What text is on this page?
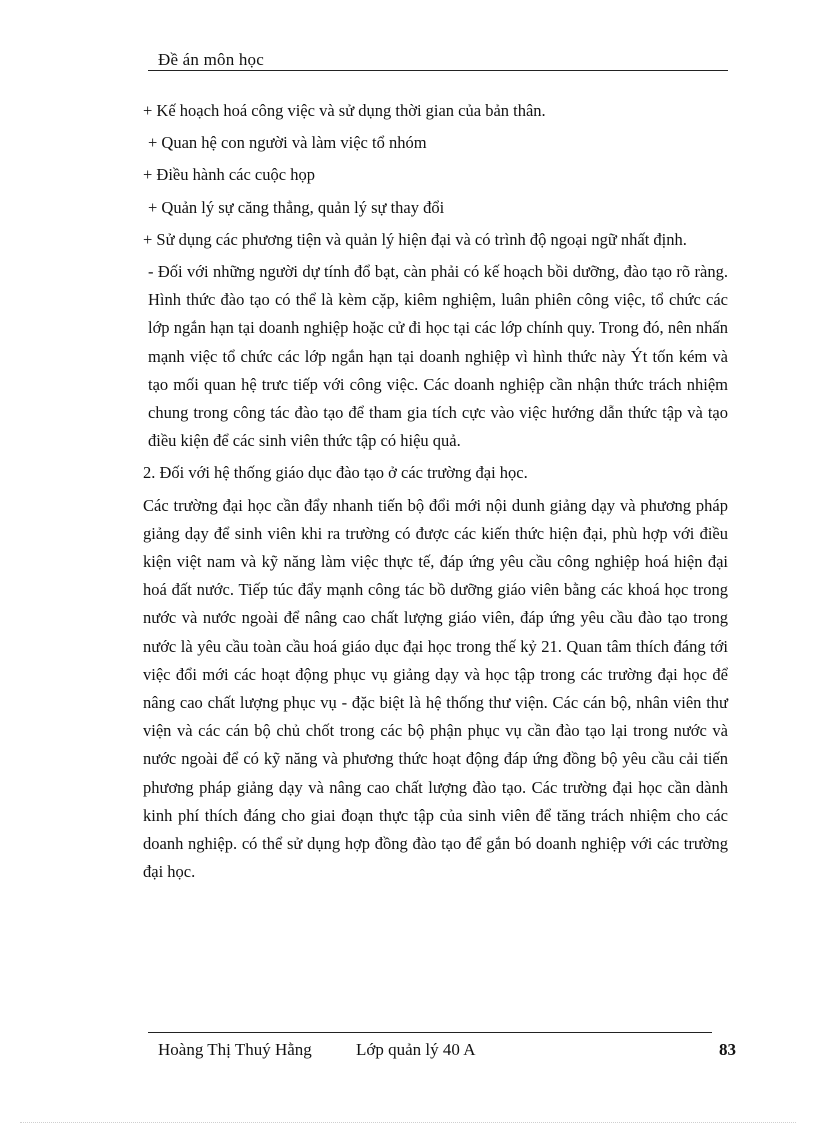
Đề án môn học

+ Kế hoạch hoá công việc và sử dụng thời gian của bản thân.

+ Quan hệ con người và làm việc tổ nhóm

+ Điều hành các cuộc họp

+ Quản lý sự căng thẳng, quản lý sự thay đổi

+ Sử dụng các phương tiện và quản lý hiện đại và có trình độ ngoại ngữ nhất định.

- Đối với những người dự tính đổ bạt, càn phải có kế hoạch bồi dưỡng, đào tạo rõ ràng. Hình thức đào tạo có thể là kèm cặp, kiêm nghiệm, luân phiên công việc, tổ chức các lớp ngắn hạn tại doanh nghiệp hoặc cử đi học tại các lớp chính quy. Trong đó, nên nhấn mạnh việc tổ chức các lớp ngắn hạn tại doanh nghiệp vì hình thức này Ýt tốn kém và tạo mối quan hệ trưc tiếp với công việc. Các doanh nghiệp cần nhận thức trách nhiệm chung trong công tác đào tạo để tham gia tích cực vào việc hướng dẫn thức tập và tạo điều kiện để các sinh viên thức tập có hiệu quả.

2. Đối với hệ thống giáo dục đào tạo ở các trường đại học.

Các trường đại học cần đẩy nhanh tiến bộ đổi mới nội dunh giảng dạy và phương pháp giảng dạy để sinh viên khi ra trường có được các kiến thức hiện đại, phù hợp với điều kiện việt nam và kỹ năng làm việc thực tế, đáp ứng yêu cầu công nghiệp hoá hiện đại hoá đất nước. Tiếp túc đẩy mạnh công tác bồ dưỡng giáo viên bằng các khoá học trong nước và nước ngoài để nâng cao chất lượng giáo viên, đáp ứng yêu cầu đào tạo trong nước là yêu cầu toàn cầu hoá giáo dục đại học trong thế kỷ 21. Quan tâm thích đáng tới việc đổi mới các hoạt động phục vụ giảng dạy và học tập trong các trường đại học để nâng cao chất lượng phục vụ - đặc biệt là hệ thống thư viện. Các cán bộ, nhân viên thư viện và các cán bộ chủ chốt trong các bộ phận phục vụ cần đào tạo lại trong nước và nước ngoài để có kỹ năng và phương thức hoạt động đáp ứng đồng bộ yêu cầu cải tiến phương pháp giảng dạy và nâng cao chất lượng đào tạo. Các trường đại học cần dành kinh phí thích đáng cho giai đoạn thực tập của sinh viên để tăng trách nhiệm cho các doanh nghiệp. có thể sử dụng hợp đồng đào tạo để gắn bó doanh nghiệp với các trường đại học.

Hoàng Thị Thuý Hằng	Lớp quản lý 40 A	83
